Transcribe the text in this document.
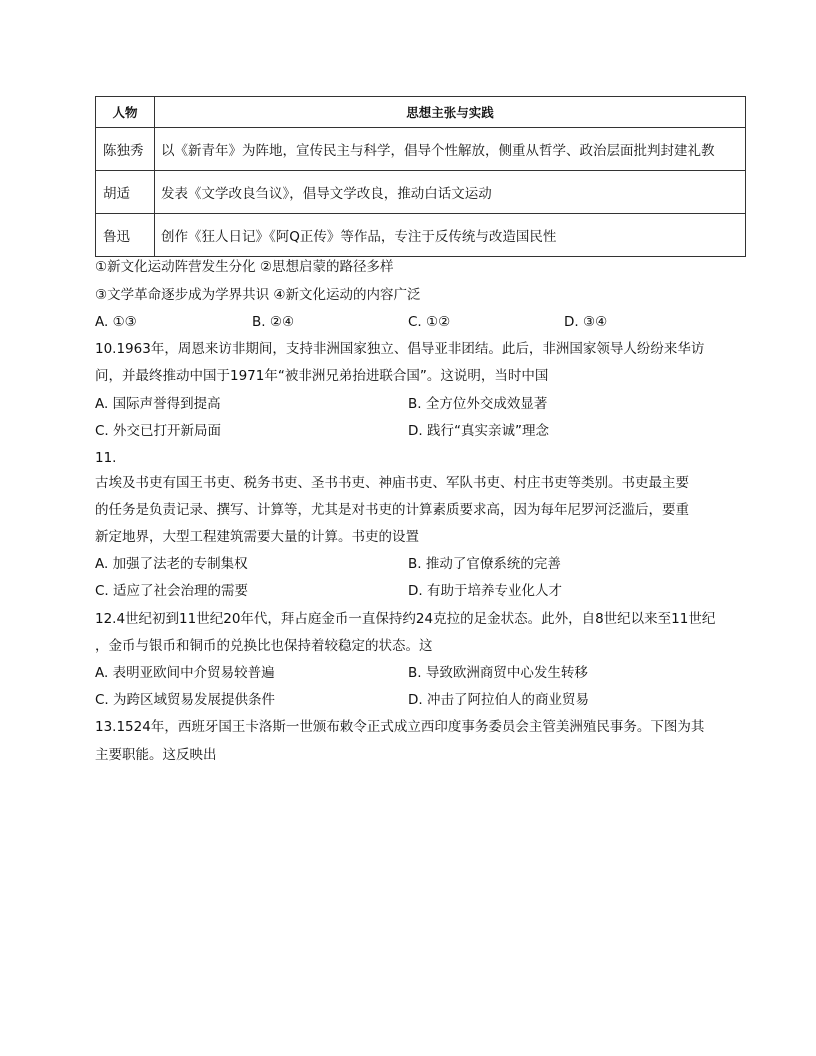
人物	思想主张与实践
陈独秀	以《新青年》为阵地，宣传民主与科学，倡导个性解放，侧重从哲学、政治层面批判封建礼教
胡适	发表《文学改良刍议》，倡导文学改良，推动白话文运动
鲁迅	创作《狂人日记》《阿Q正传》等作品，专注于反传统与改造国民性
①新文化运动阵营发生分化 ②思想启蒙的路径多样
③文学革命逐步成为学界共识 ④新文化运动的内容广泛
A. ①③	B. ②④	C. ①②	D. ③④
10.1963年，周恩来访非期间，支持非洲国家独立、倡导亚非团结。此后，非洲国家领导人纷纷来华访
问，并最终推动中国于1971年“被非洲兄弟抬进联合国”。这说明，当时中国
A. 国际声誉得到提高	B. 全方位外交成效显著
C. 外交已打开新局面	D. 践行“真实亲诚”理念
11.
古埃及书吏有国王书吏、税务书吏、圣书书吏、神庙书吏、军队书吏、村庄书吏等类别。书吏最主要
的任务是负责记录、撰写、计算等，尤其是对书吏的计算素质要求高，因为每年尼罗河泛滥后，要重
新定地界，大型工程建筑需要大量的计算。书吏的设置
A. 加强了法老的专制集权	B. 推动了官僚系统的完善
C. 适应了社会治理的需要	D. 有助于培养专业化人才
12.4世纪初到11世纪20年代，拜占庭金币一直保持约24克拉的足金状态。此外，自8世纪以来至11世纪
，金币与银币和铜币的兑换比也保持着较稳定的状态。这
A. 表明亚欧间中介贸易较普遍	B. 导致欧洲商贸中心发生转移
C. 为跨区域贸易发展提供条件	D. 冲击了阿拉伯人的商业贸易
13.1524年，西班牙国王卡洛斯一世颁布敕令正式成立西印度事务委员会主管美洲殖民事务。下图为其
主要职能。这反映出
